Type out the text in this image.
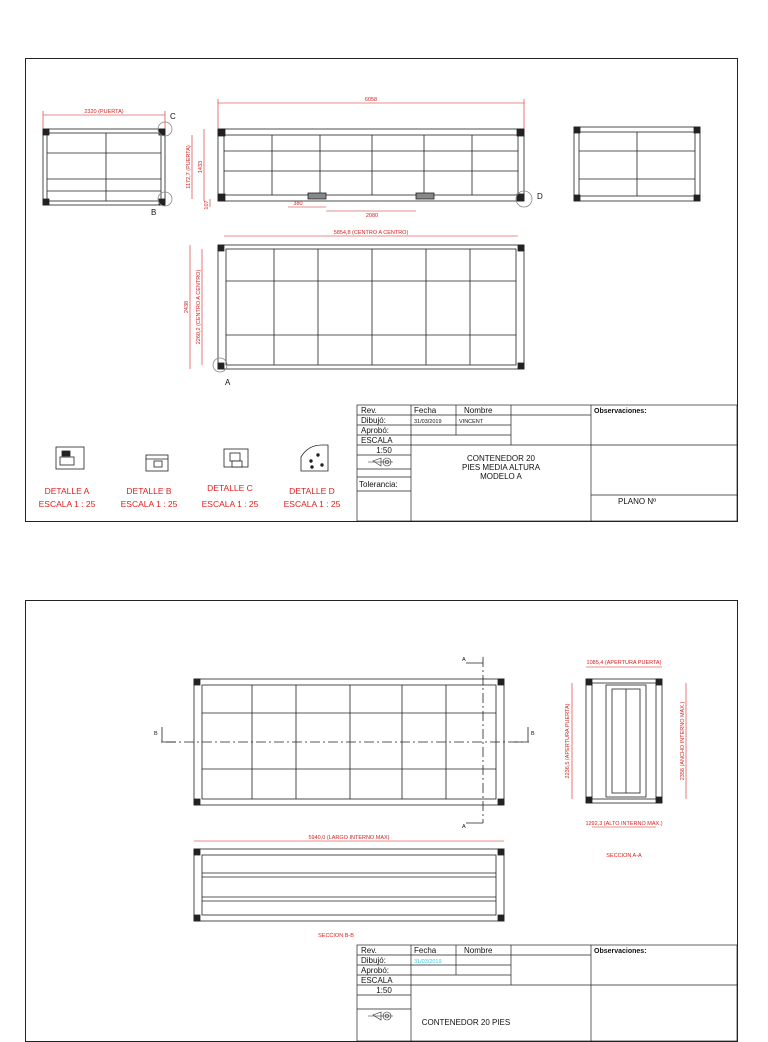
2320 (PUERTA)
6058
1172,7 (PUERTA) 1433
107	380
2080
5854,8 (CENTRO A CENTRO)
2438 2260,2 (CENTRO A CENTRO)
C
B
D
A
DETALLE A
ESCALA 1 : 25
DETALLE B
ESCALA 1 : 25
DETALLE C
ESCALA 1 : 25
DETALLE D
ESCALA 1 : 25
Rev.	Fecha	Nombre
Dibujó:	31/03/2019	VINCENT
Aprobó:
ESCALA
1:50
Tolerancia:
CONTENEDOR 20
PIES MEDIA ALTURA
MODELO A
Observaciones:
PLANO Nº
1085,4 (APERTURA PUERTA)
2236,5 (APERTURA PUERTA)	2356 (ANCHO INTERNO MAX.)
1292,3 (ALTO INTERNO MAX.)
5940,0 (LARGO INTERNO MAX)
SECCION A-A
SECCION B-B
A
A
B	B
Rev.	Fecha	Nombre
Dibujó:	31/03/2019
Aprobó:
ESCALA
1:50
CONTENEDOR 20 PIES
Observaciones:
